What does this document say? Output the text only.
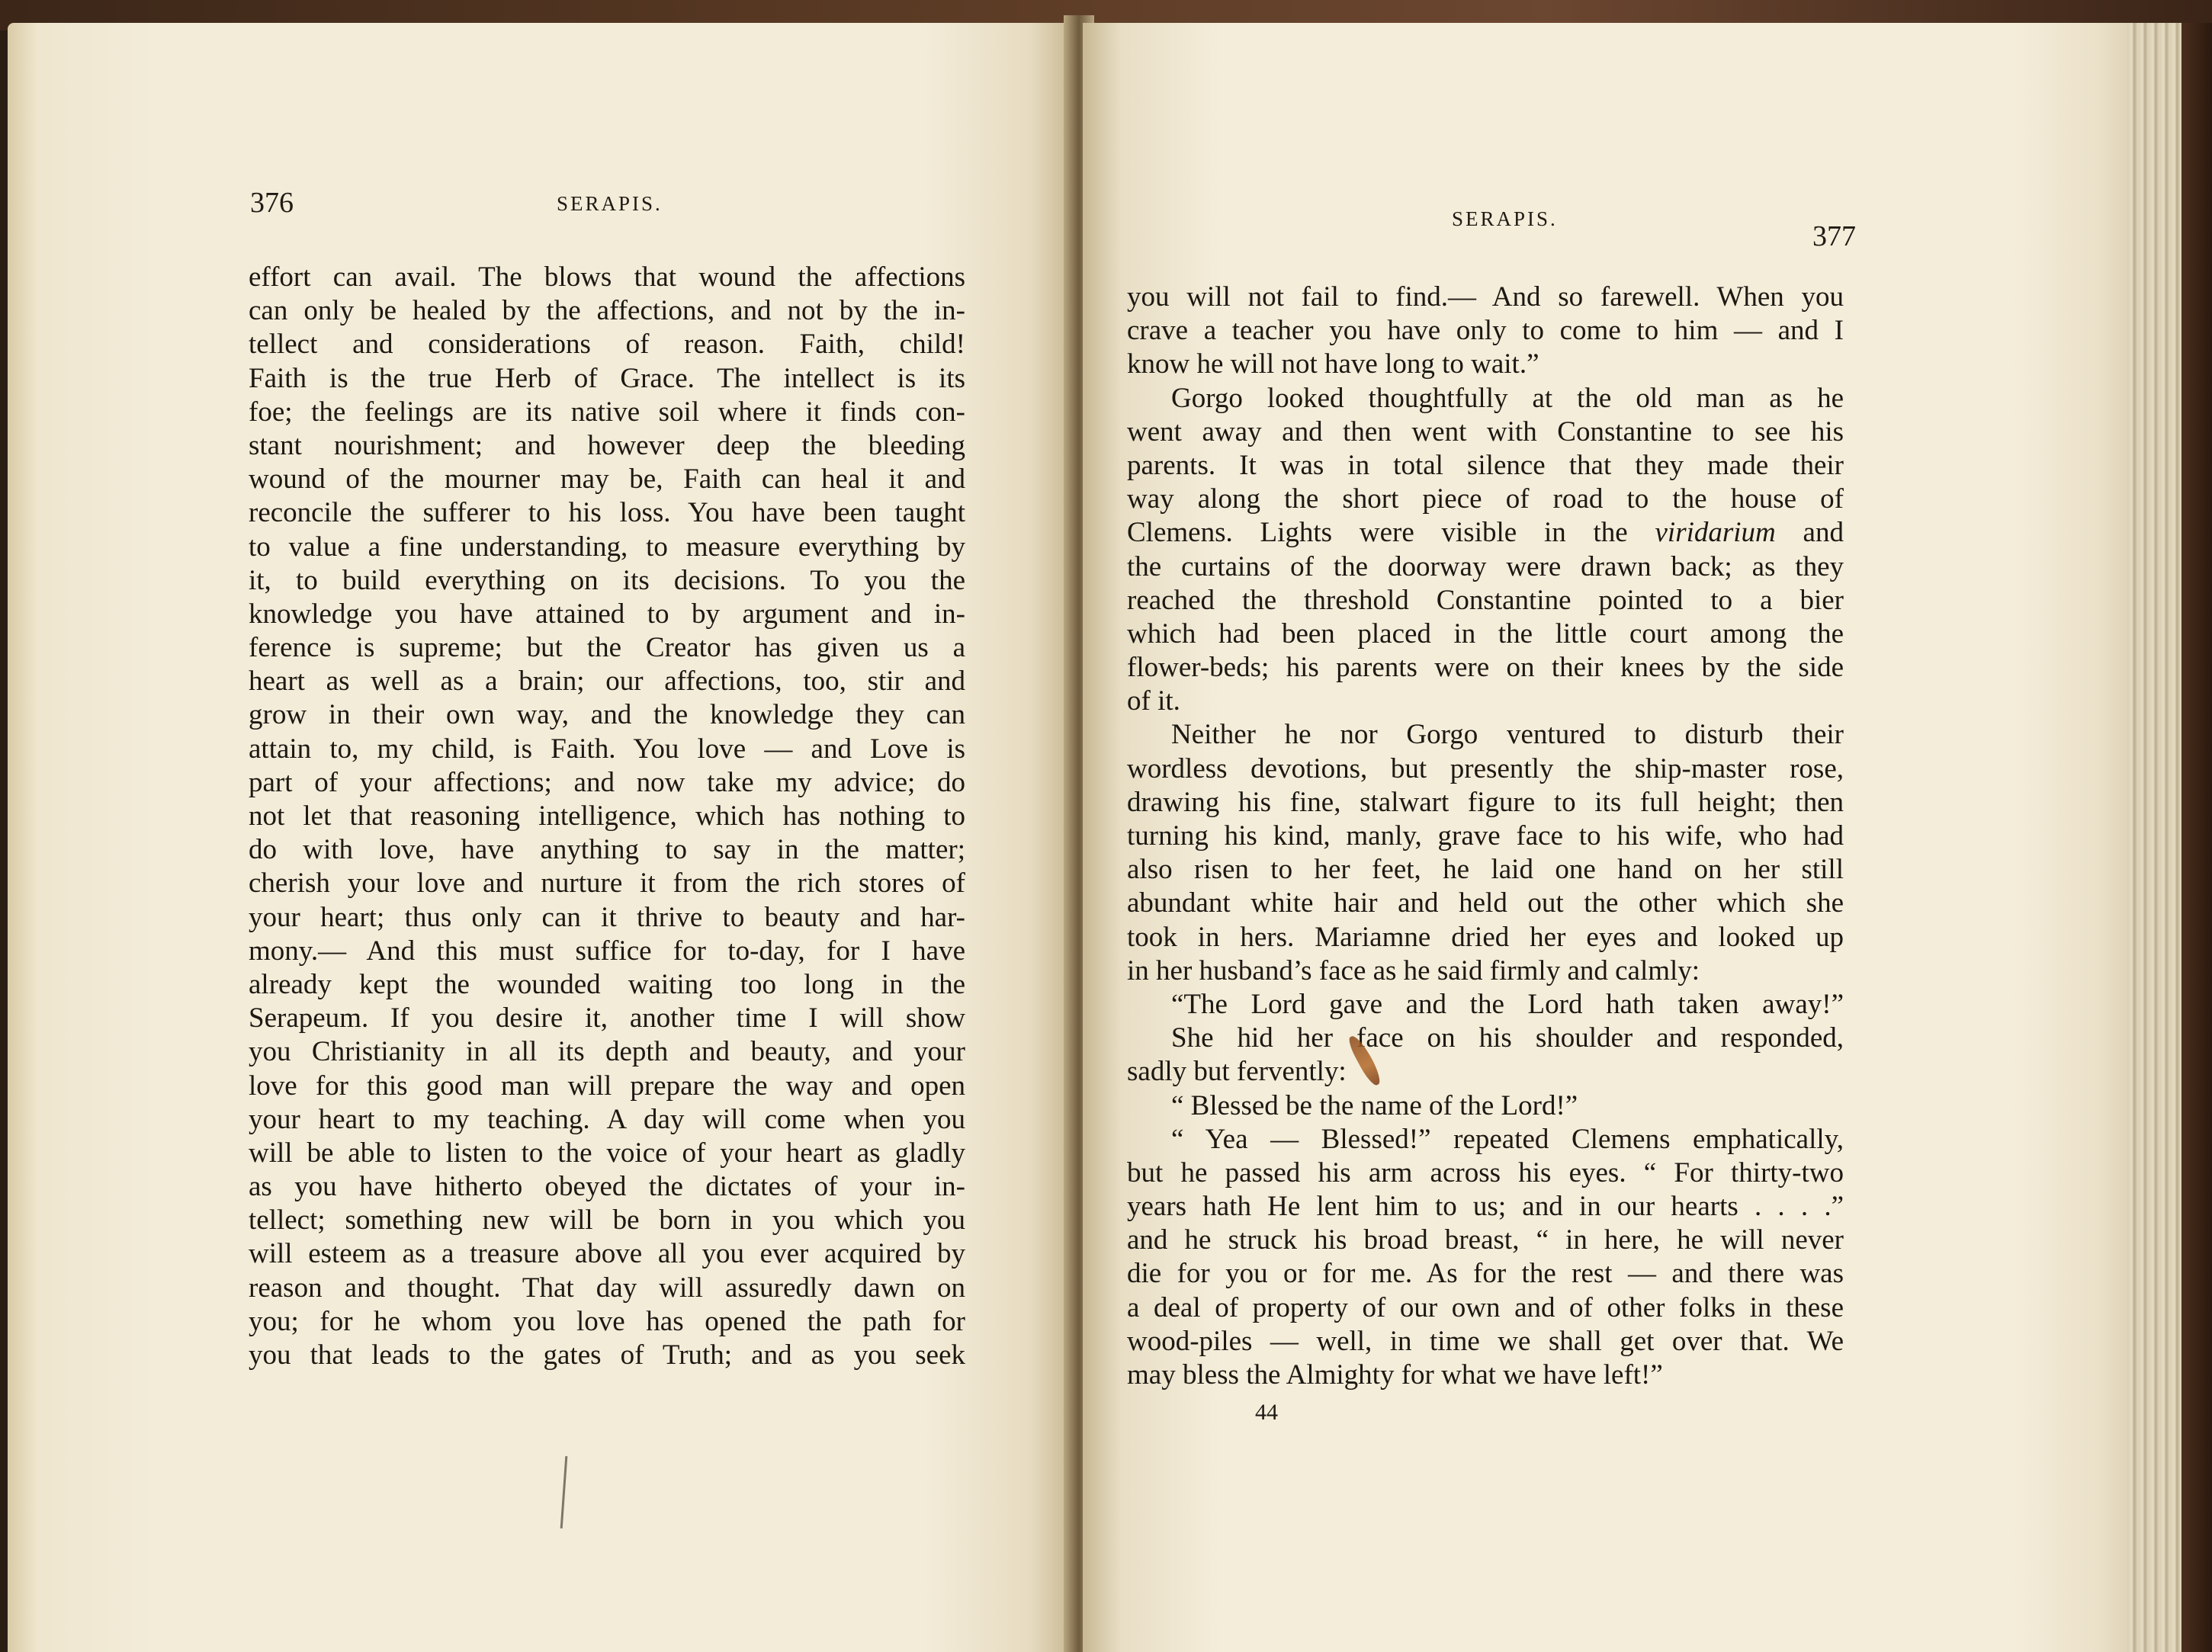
376	SERAPIS.
effort can avail. The blows that wound the affections
can only be healed by the affections, and not by the in-
tellect and considerations of reason. Faith, child!
Faith is the true Herb of Grace. The intellect is its
foe; the feelings are its native soil where it finds con-
stant nourishment; and however deep the bleeding
wound of the mourner may be, Faith can heal it and
reconcile the sufferer to his loss. You have been taught
to value a fine understanding, to measure everything by
it, to build everything on its decisions. To you the
knowledge you have attained to by argument and in-
ference is supreme; but the Creator has given us a
heart as well as a brain; our affections, too, stir and
grow in their own way, and the knowledge they can
attain to, my child, is Faith. You love — and Love is
part of your affections; and now take my advice; do
not let that reasoning intelligence, which has nothing to
do with love, have anything to say in the matter;
cherish your love and nurture it from the rich stores of
your heart; thus only can it thrive to beauty and har-
mony.— And this must suffice for to-day, for I have
already kept the wounded waiting too long in the
Serapeum. If you desire it, another time I will show
you Christianity in all its depth and beauty, and your
love for this good man will prepare the way and open
your heart to my teaching. A day will come when you
will be able to listen to the voice of your heart as gladly
as you have hitherto obeyed the dictates of your in-
tellect; something new will be born in you which you
will esteem as a treasure above all you ever acquired by
reason and thought. That day will assuredly dawn on
you; for he whom you love has opened the path for
you that leads to the gates of Truth; and as you seek
SERAPIS.
377
you will not fail to find.— And so farewell. When you
crave a teacher you have only to come to him — and I
know he will not have long to wait.”
Gorgo looked thoughtfully at the old man as he
went away and then went with Constantine to see his
parents. It was in total silence that they made their
way along the short piece of road to the house of
Clemens. Lights were visible in the viridarium and
the curtains of the doorway were drawn back; as they
reached the threshold Constantine pointed to a bier
which had been placed in the little court among the
flower-beds; his parents were on their knees by the side
of it.
Neither he nor Gorgo ventured to disturb their
wordless devotions, but presently the ship-master rose,
drawing his fine, stalwart figure to its full height; then
turning his kind, manly, grave face to his wife, who had
also risen to her feet, he laid one hand on her still
abundant white hair and held out the other which she
took in hers. Mariamne dried her eyes and looked up
in her husband’s face as he said firmly and calmly:
“The Lord gave and the Lord hath taken away!”
She hid her face on his shoulder and responded,
sadly but fervently:
“ Blessed be the name of the Lord!”
“ Yea — Blessed!” repeated Clemens emphatically,
but he passed his arm across his eyes. “ For thirty-two
years hath He lent him to us; and in our hearts . . . .”
and he struck his broad breast, “ in here, he will never
die for you or for me. As for the rest — and there was
a deal of property of our own and of other folks in these
wood-piles — well, in time we shall get over that. We
may bless the Almighty for what we have left!”
44
